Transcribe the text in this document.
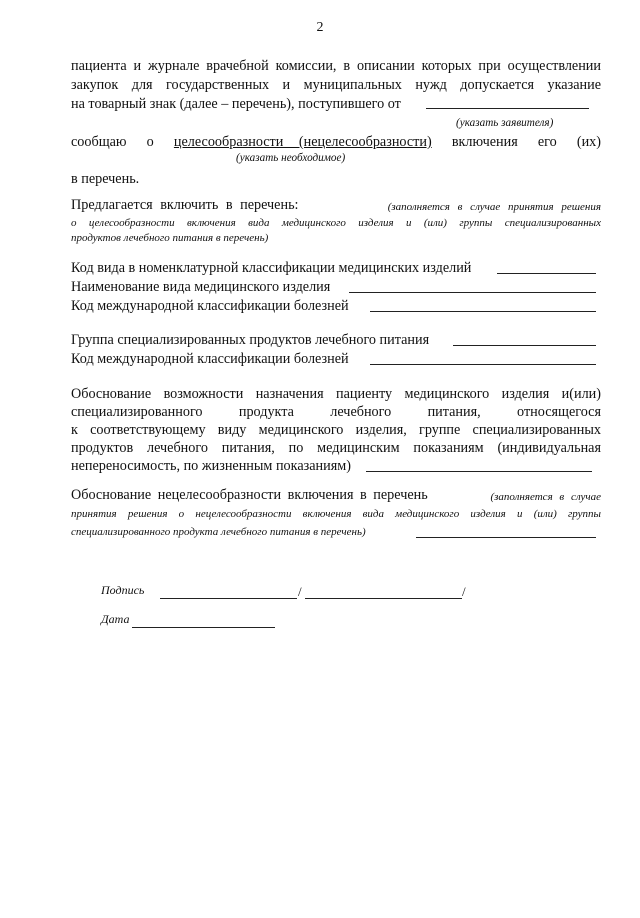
2
пациента и журнале врачебной комиссии, в описании которых при осуществлении
закупок для государственных и муниципальных нужд допускается указание
на товарный знак (далее – перечень), поступившего от
(указать заявителя)
сообщаю о целесообразности (нецелесообразности) включения его (их)
(указать необходимое)
в перечень.
Предлагается включить в перечень:	(заполняется в случае принятия решения
о целесообразности включения вида медицинского изделия и (или) группы специализированных
продуктов лечебного питания в перечень)
Код вида в номенклатурной классификации медицинских изделий
Наименование вида медицинского изделия
Код международной классификации болезней
Группа специализированных продуктов лечебного питания
Код международной классификации болезней
Обоснование возможности назначения пациенту медицинского изделия и(или)
специализированного	продукта	лечебного	питания,	относящегося
к соответствующему виду медицинского изделия, группе специализированных
продуктов лечебного питания, по медицинским показаниям (индивидуальная
непереносимость, по жизненным показаниям)
Обоснование нецелесообразности включения в перечень	(заполняется в случае
принятия решения о нецелесообразности включения вида медицинского изделия и (или) группы
специализированного продукта лечебного питания в перечень)
Подпись	/	/
Дата
